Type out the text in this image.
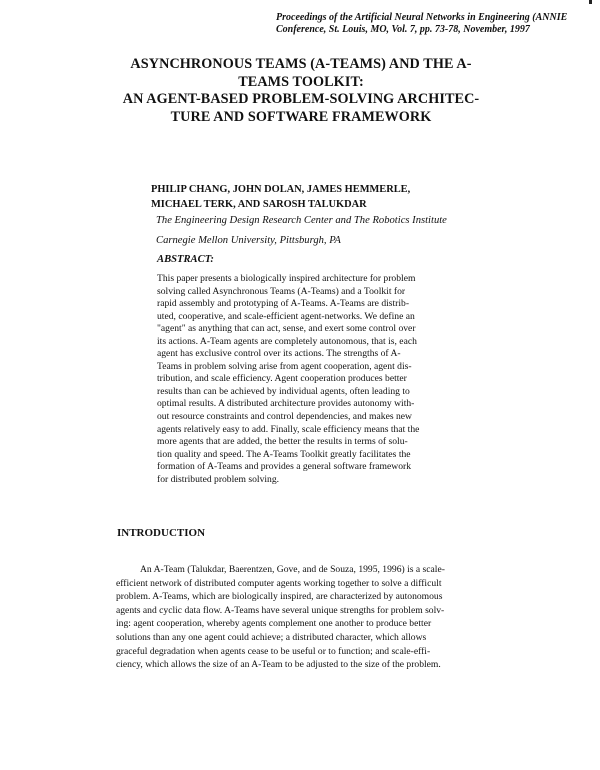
Proceedings of the Artificial Neural Networks in Engineering (ANNIE
Conference, St. Louis, MO, Vol. 7, pp. 73-78, November, 1997
ASYNCHRONOUS TEAMS (A-TEAMS) AND THE A-
TEAMS TOOLKIT:
AN AGENT-BASED PROBLEM-SOLVING ARCHITEC-
TURE AND SOFTWARE FRAMEWORK
PHILIP CHANG, JOHN DOLAN, JAMES HEMMERLE,
MICHAEL TERK, AND SAROSH TALUKDAR
The Engineering Design Research Center and The Robotics Institute
Carnegie Mellon University, Pittsburgh, PA
ABSTRACT:
This paper presents a biologically inspired architecture for problem
solving called Asynchronous Teams (A-Teams) and a Toolkit for
rapid assembly and prototyping of A-Teams. A-Teams are distrib-
uted, cooperative, and scale-efficient agent-networks. We define an
"agent" as anything that can act, sense, and exert some control over
its actions. A-Team agents are completely autonomous, that is, each
agent has exclusive control over its actions. The strengths of A-
Teams in problem solving arise from agent cooperation, agent dis-
tribution, and scale efficiency. Agent cooperation produces better
results than can be achieved by individual agents, often leading to
optimal results. A distributed architecture provides autonomy with-
out resource constraints and control dependencies, and makes new
agents relatively easy to add. Finally, scale efficiency means that the
more agents that are added, the better the results in terms of solu-
tion quality and speed. The A-Teams Toolkit greatly facilitates the
formation of A-Teams and provides a general software framework
for distributed problem solving.
INTRODUCTION
An A-Team (Talukdar, Baerentzen, Gove, and de Souza, 1995, 1996) is a scale-
efficient network of distributed computer agents working together to solve a difficult
problem. A-Teams, which are biologically inspired, are characterized by autonomous
agents and cyclic data flow. A-Teams have several unique strengths for problem solv-
ing: agent cooperation, whereby agents complement one another to produce better
solutions than any one agent could achieve; a distributed character, which allows
graceful degradation when agents cease to be useful or to function; and scale-effi-
ciency, which allows the size of an A-Team to be adjusted to the size of the problem.
